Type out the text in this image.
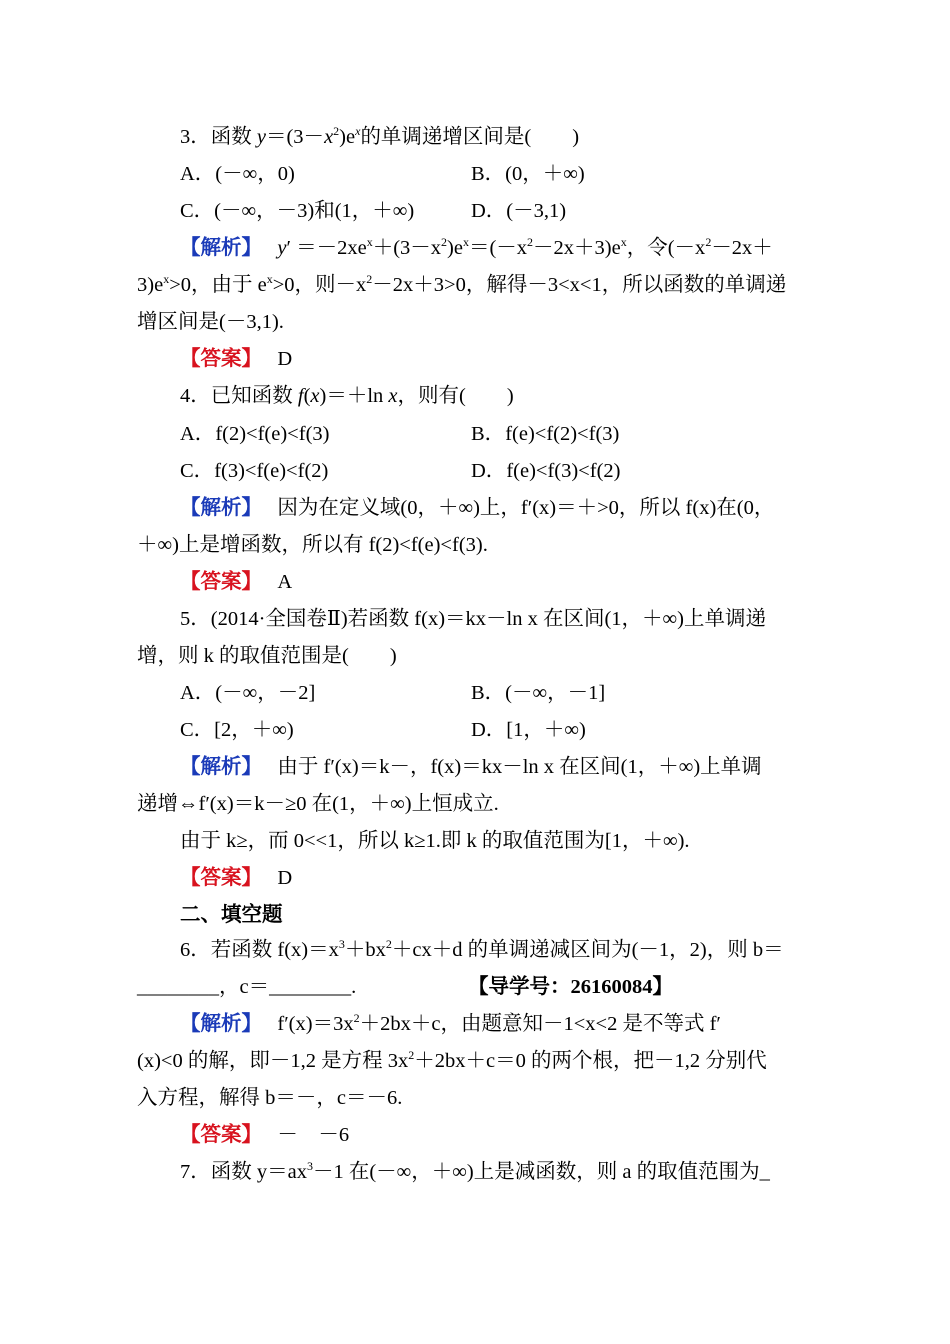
3．函数 $y=(3-x^2)e^x$的单调递增区间是(　　)
A．(－∞，0)	B．(0，＋∞)
C．(－∞，－3)和(1，＋∞)	D．(－3,1)
【解析】 $y' =-2xe^x+(3-x^2)e^x=(-x^2-2x+3)e^x$，令($-x^2-2x+$
$3)e^x>0$，由于 $e^x>0$，则$-x^2-2x+3>0$，解得－3<x<1，所以函数的单调递
增区间是(－3,1).
【答案】 D
4．已知函数 f(x)＝＋ln x，则有(　　)
A．f(2)<f(e)<f(3)	B．f(e)<f(2)<f(3)
C．f(3)<f(e)<f(2)	D．f(e)<f(3)<f(2)
【解析】 因为在定义域(0，＋∞)上，f′(x)＝＋>0，所以 f(x)在(0，
＋∞)上是增函数，所以有 f(2)<f(e)<f(3).
【答案】 A
5．(2014·全国卷Ⅱ)若函数 f(x)＝kx－ln x 在区间(1，＋∞)上单调递
增，则 k 的取值范围是(　　)
A．(－∞，－2]	B．(－∞，－1]
C．[2，＋∞)	D．[1，＋∞)
【解析】 由于 f′(x)＝k－，f(x)＝kx－ln x 在区间(1，＋∞)上单调
递增⇔f′(x)＝k－≥0 在(1，＋∞)上恒成立.
由于 k≥，而 0<<1，所以 k≥1.即 k 的取值范围为[1，＋∞).
【答案】 D
二、填空题
6．若函数 $f(x)=x^3+bx^2+cx+d$ 的单调递减区间为(－1，2)，则 b＝
________，c＝________.	【导学号：26160084】
【解析】 $f'(x)=3x^2+2bx+c$，由题意知－1<x<2 是不等式 f′
(x)<0 的解，即－1,2 是方程 $3x^2+2bx+c=0$ 的两个根，把－1,2 分别代
入方程，解得 b＝－，c＝－6.
【答案】 －　－6
7．函数 $y=ax^3-1$ 在(－∞，＋∞)上是减函数，则 a 的取值范围为_
